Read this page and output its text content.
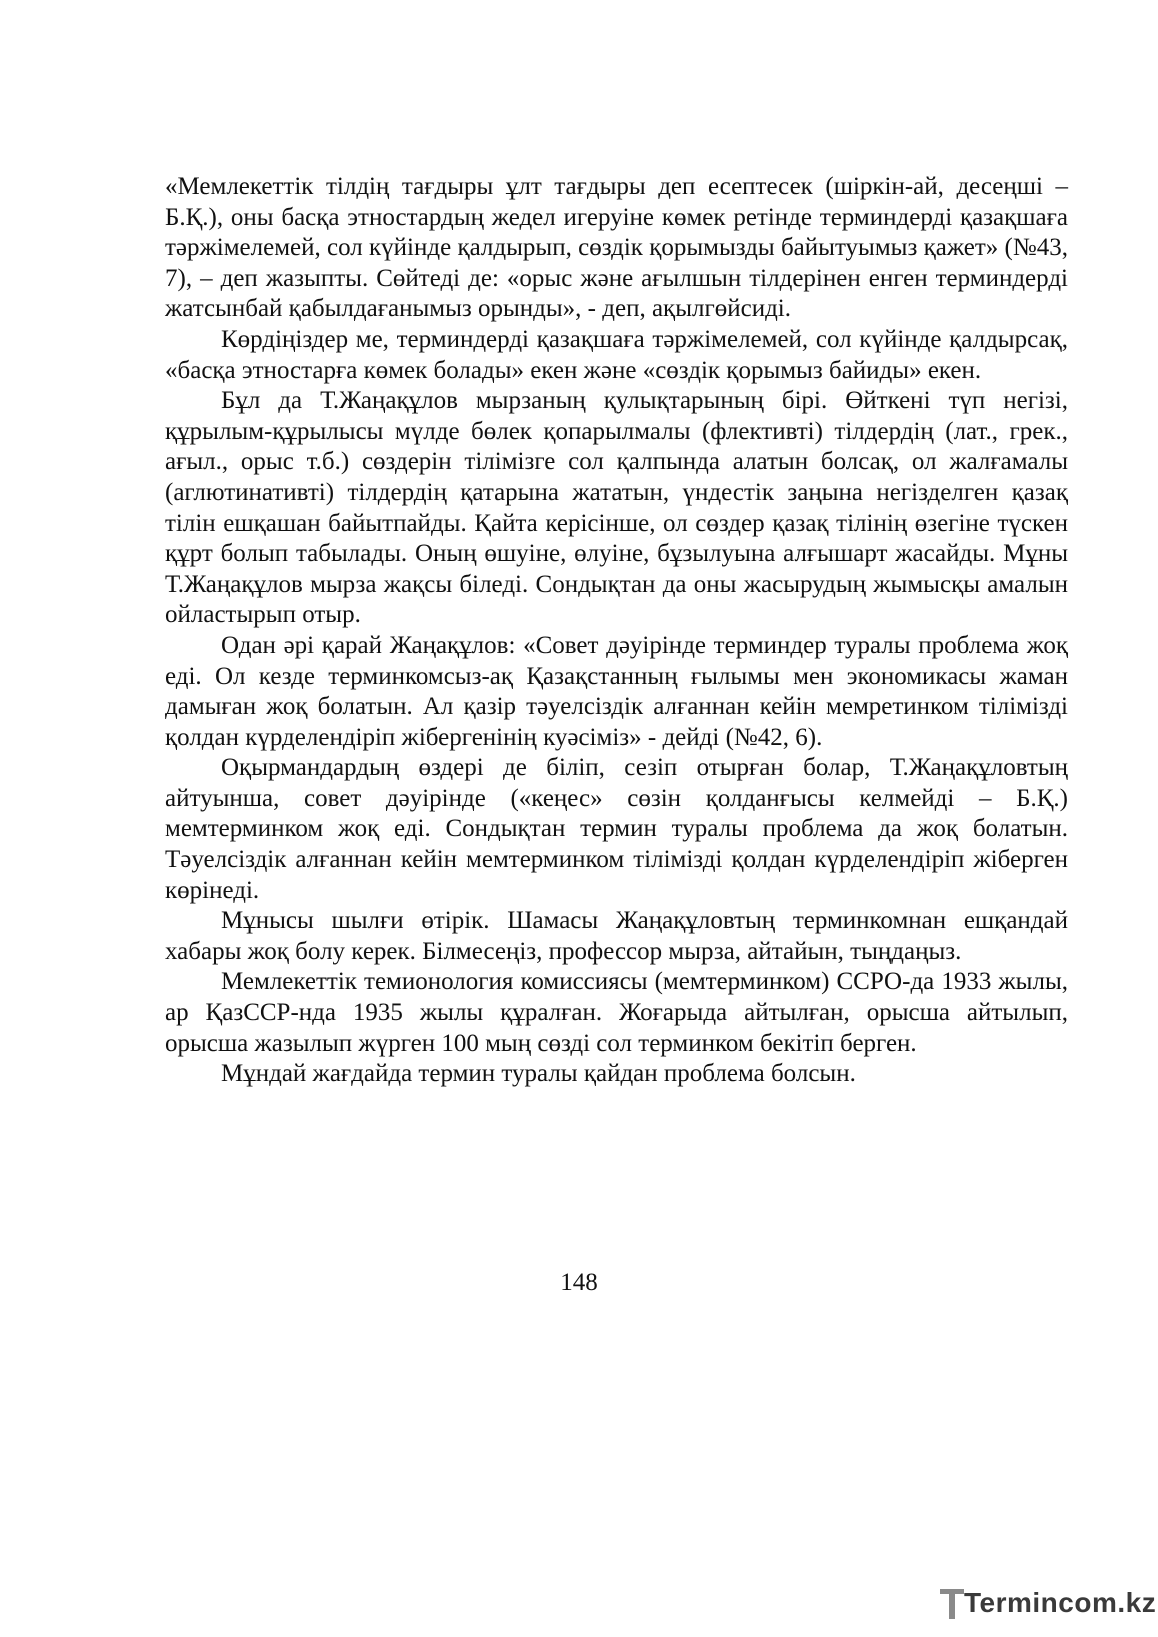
«Мемлекеттік тілдің тағдыры ұлт тағдыры деп есептесек (шіркін-ай, десеңші – Б.Қ.), оны басқа этностардың жедел игеруіне көмек ретінде терминдерді қазақшаға тәржімелемей, сол күйінде қалдырып, сөздік қорымызды байытуымыз қажет» (№43, 7), – деп жазыпты. Сөйтеді де: «орыс және ағылшын тілдерінен енген терминдерді жатсынбай қабылдағанымыз орынды», - деп, ақылгөйсиді.

Көрдіңіздер ме, терминдерді қазақшаға тәржімелемей, сол күйінде қалдырсақ, «басқа этностарға көмек болады» екен және «сөздік қорымыз байиды» екен.

Бұл да Т.Жаңақұлов мырзаның қулықтарының бірі. Өйткені түп негізі, құрылым-құрылысы мүлде бөлек қопарылмалы (флективті) тілдердің (лат., грек., ағыл., орыс т.б.) сөздерін тілімізге сол қалпында алатын болсақ, ол жалғамалы (аглютинативті) тілдердің қатарына жататын, үндестік заңына негізделген қазақ тілін ешқашан байытпайды. Қайта керісінше, ол сөздер қазақ тілінің өзегіне түскен құрт болып табылады. Оның өшуіне, өлуіне, бұзылуына алғышарт жасайды. Мұны Т.Жаңақұлов мырза жақсы біледі. Сондықтан да оны жасырудың жымысқы амалын ойластырып отыр.

Одан әрі қарай Жаңақұлов: «Совет дәуірінде терминдер туралы проблема жоқ еді. Ол кезде терминкомсыз-ақ Қазақстанның ғылымы мен экономикасы жаман дамыған жоқ болатын. Ал қазір тәуелсіздік алғаннан кейін мемретинком тілімізді қолдан күрделендіріп жібергенінің куәсіміз» - дейді (№42, 6).

Оқырмандардың өздері де біліп, сезіп отырған болар, Т.Жаңақұловтың айтуынша, совет дәуірінде («кеңес» сөзін қолданғысы келмейді – Б.Қ.) мемтерминком жоқ еді. Сондықтан термин туралы проблема да жоқ болатын. Тәуелсіздік алғаннан кейін мемтерминком тілімізді қолдан күрделендіріп жіберген көрінеді.

Мұнысы шылғи өтірік. Шамасы Жаңақұловтың терминкомнан ешқандай хабары жоқ болу керек. Білмесеңіз, профессор мырза, айтайын, тыңдаңыз.

Мемлекеттік темионология комиссиясы (мемтерминком) ССРО-да 1933 жылы, ар ҚазССР-нда 1935 жылы құралған. Жоғарыда айтылған, орысша айтылып, орысша жазылып жүрген 100 мың сөзді сол терминком бекітіп берген.

Мұндай жағдайда термин туралы қайдан проблема болсын.

148
Termincom.kz
